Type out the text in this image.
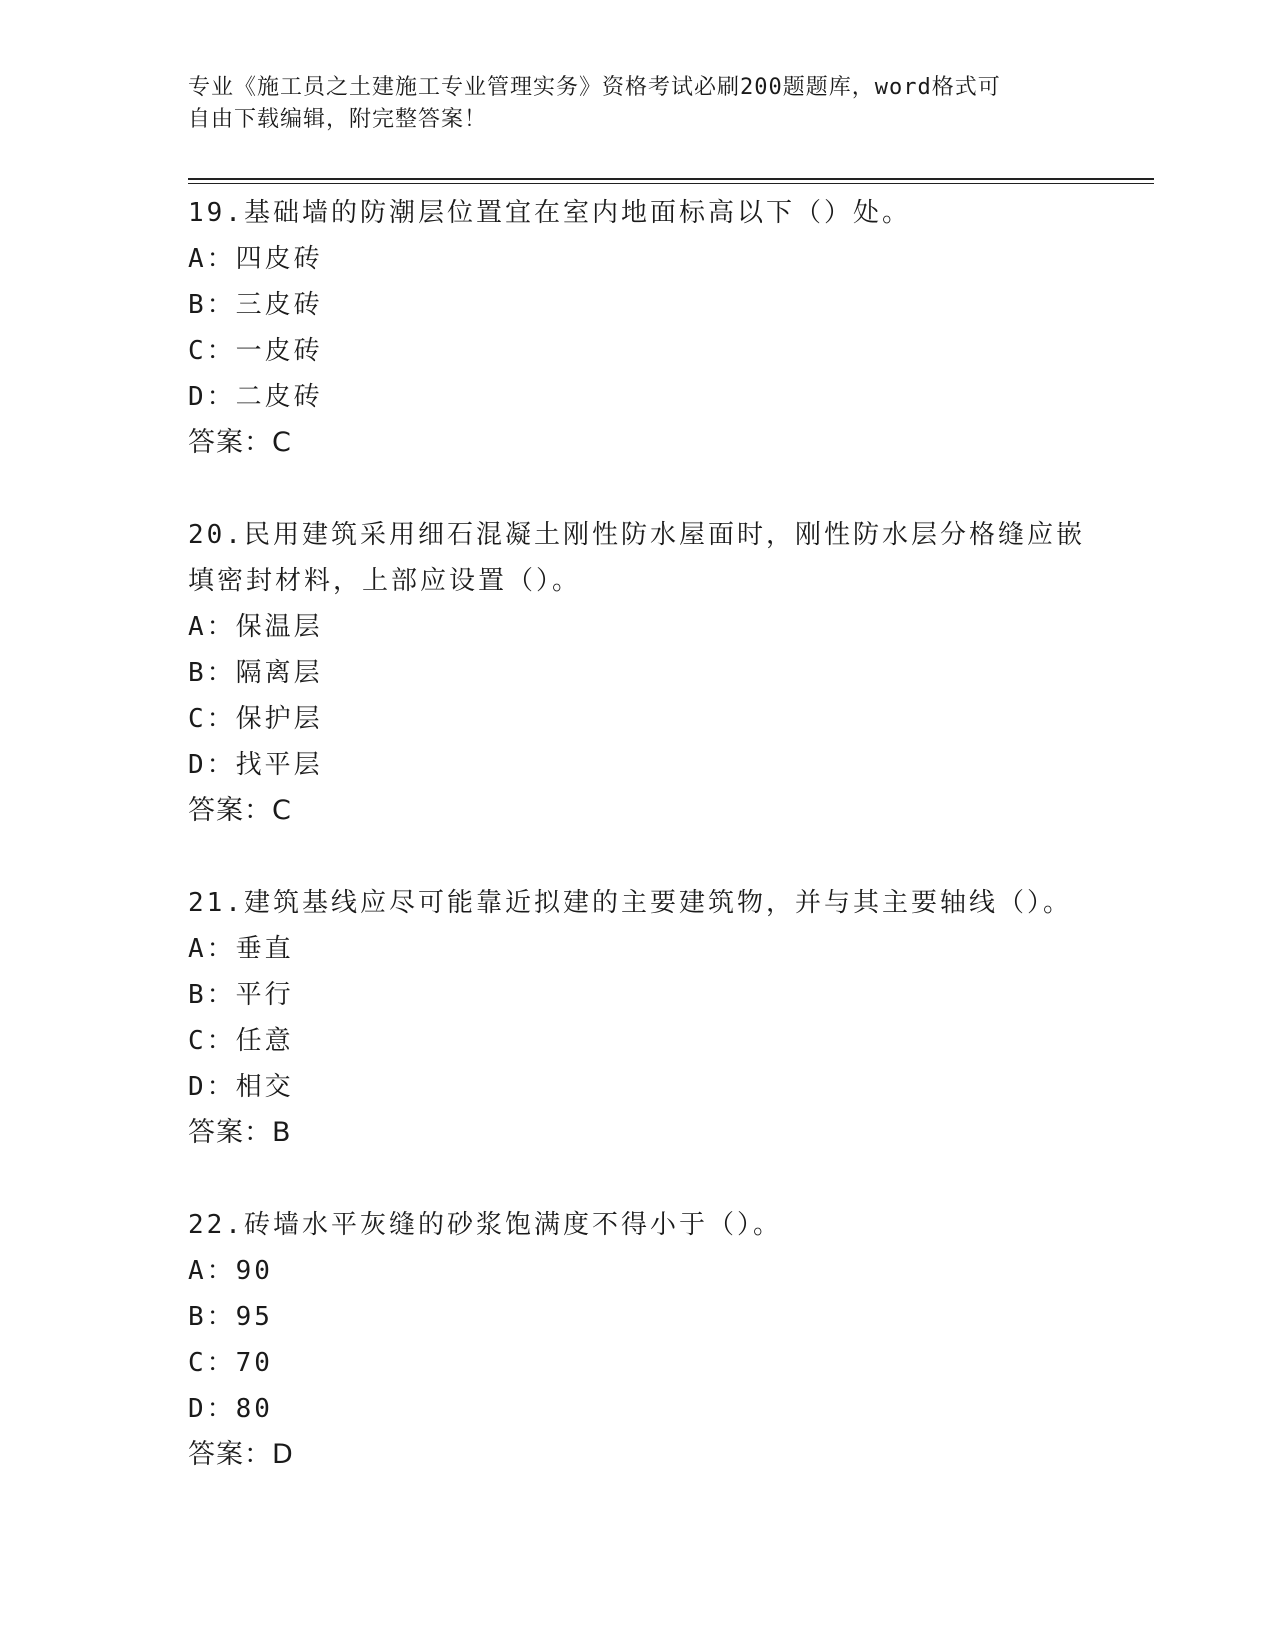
专业《施工员之土建施工专业管理实务》资格考试必刷200题题库，word格式可
自由下载编辑，附完整答案！
19.基础墙的防潮层位置宜在室内地面标高以下（）处。
A：四皮砖
B：三皮砖
C：一皮砖
D：二皮砖
答案：C
20.民用建筑采用细石混凝土刚性防水屋面时，刚性防水层分格缝应嵌
填密封材料，上部应设置（）。
A：保温层
B：隔离层
C：保护层
D：找平层
答案：C
21.建筑基线应尽可能靠近拟建的主要建筑物，并与其主要轴线（）。
A：垂直
B：平行
C：任意
D：相交
答案：B
22.砖墙水平灰缝的砂浆饱满度不得小于（）。
A：90
B：95
C：70
D：80
答案：D
